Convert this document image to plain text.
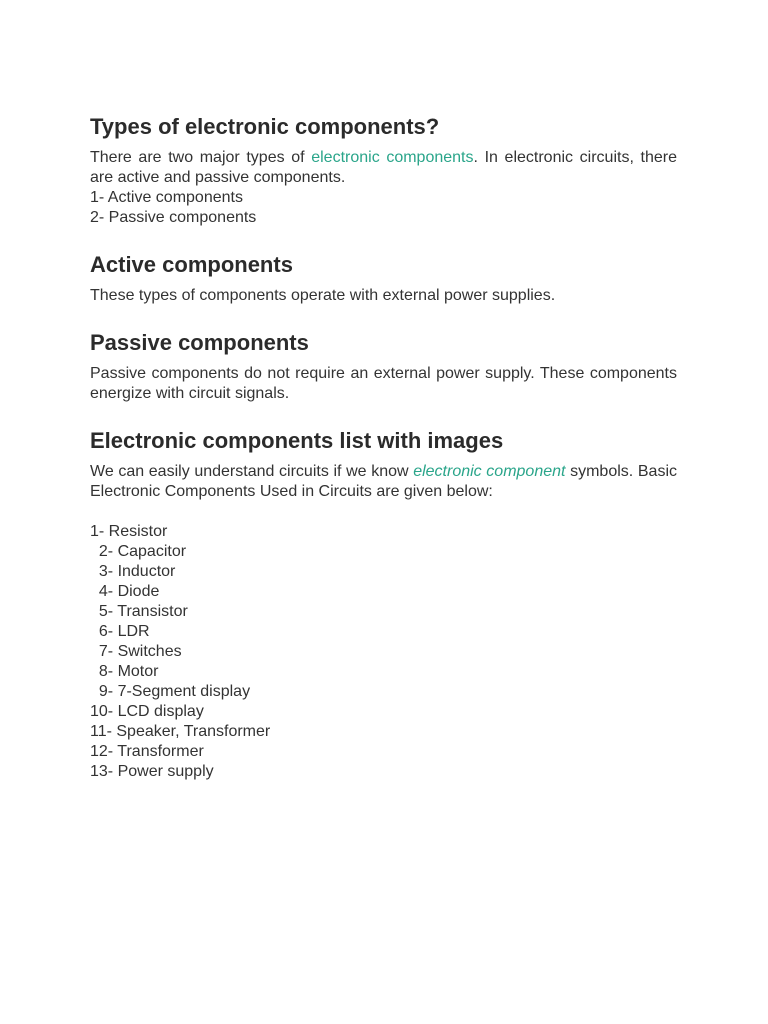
Types of electronic components?

There are two major types of electronic components. In electronic circuits, there are active and passive components.

1- Active components
2- Passive components
Active components

These types of components operate with external power supplies.

Passive components

Passive components do not require an external power supply. These components energize with circuit signals.

Electronic components list with images

We can easily understand circuits if we know electronic component symbols. Basic Electronic Components Used in Circuits are given below:

1- Resistor
2- Capacitor
3- Inductor
4- Diode
5- Transistor
6- LDR
7- Switches
8- Motor
9- 7-Segment display
10- LCD display
11- Speaker, Transformer
12- Transformer
13- Power supply
